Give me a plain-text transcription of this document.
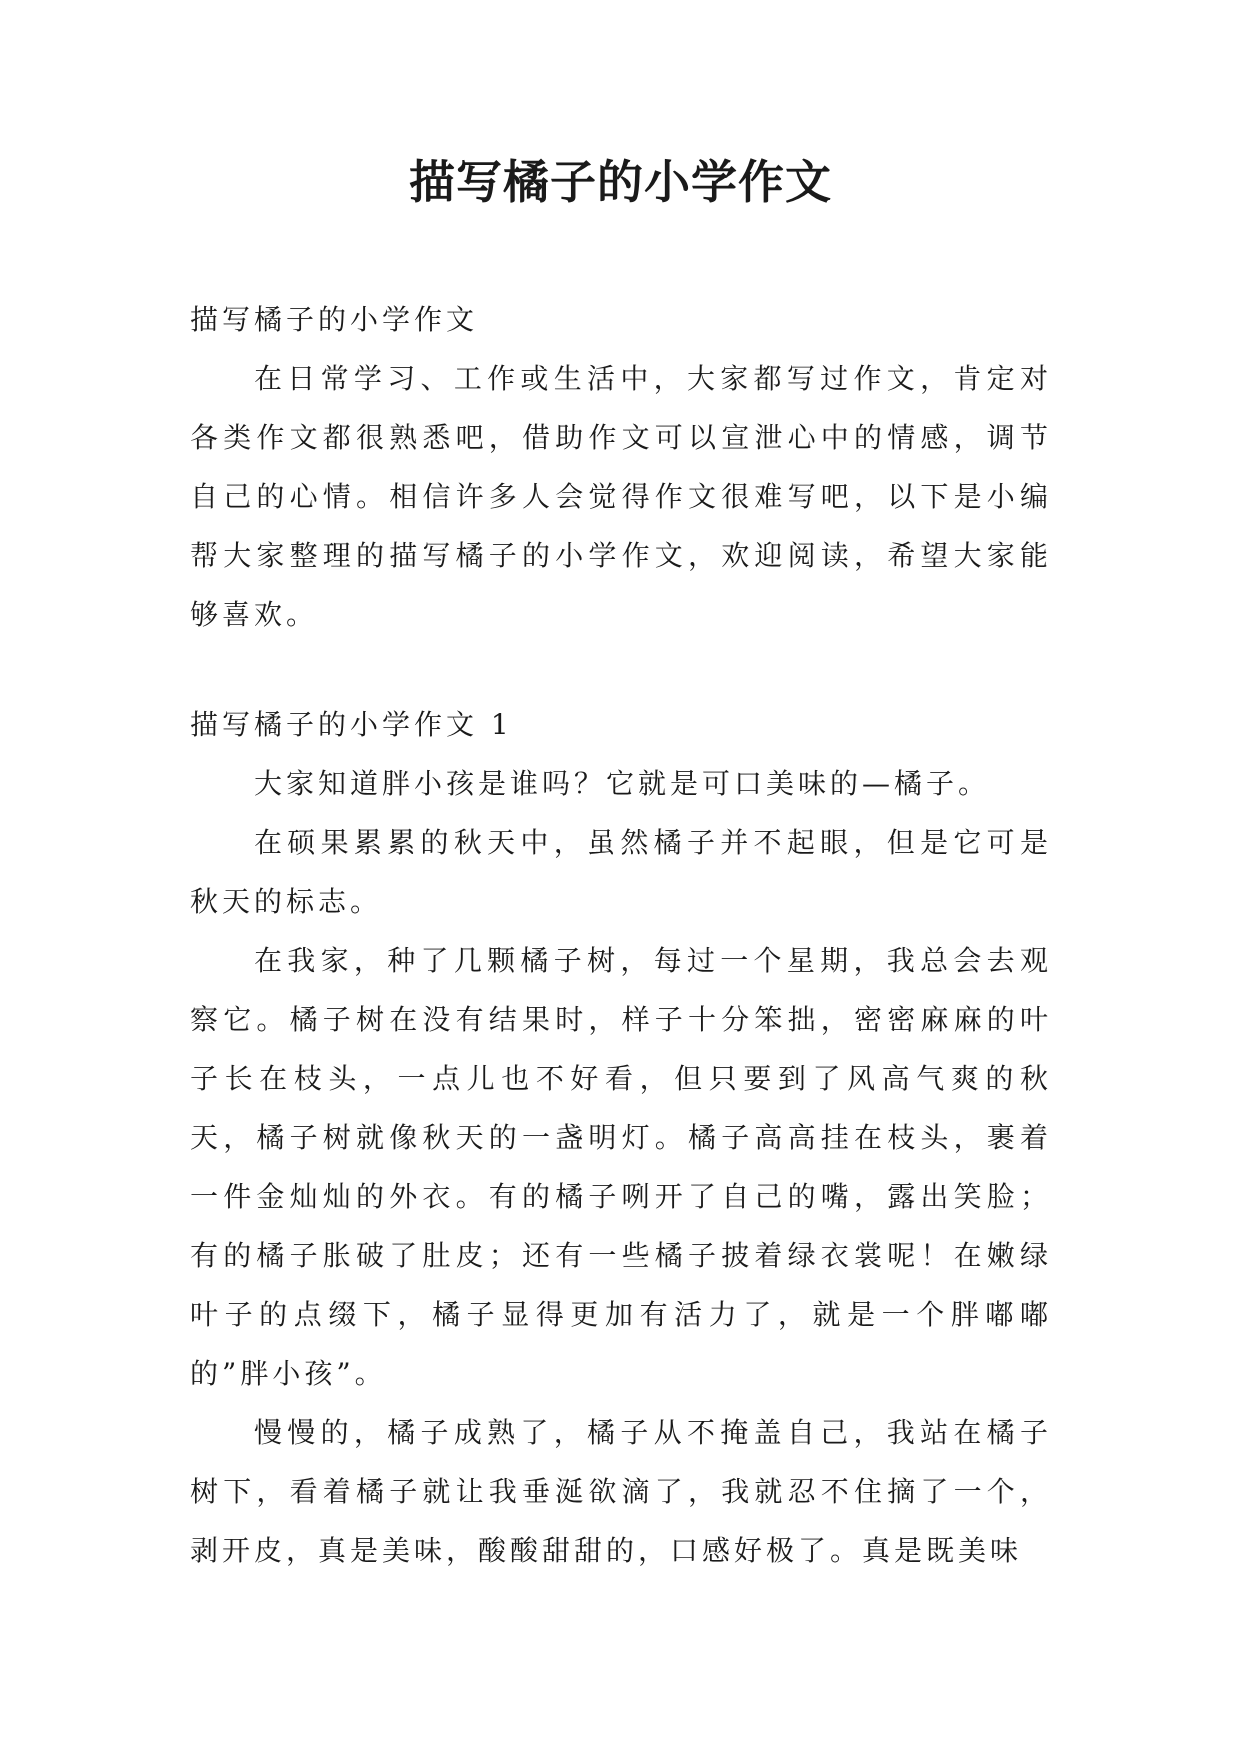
描写橘子的小学作文

描写橘子的小学作文

在日常学习、工作或生活中，大家都写过作文，肯定对各类作文都很熟悉吧，借助作文可以宣泄心中的情感，调节自己的心情。相信许多人会觉得作文很难写吧，以下是小编帮大家整理的描写橘子的小学作文，欢迎阅读，希望大家能够喜欢。

描写橘子的小学作文 1

大家知道胖小孩是谁吗？它就是可口美味的—橘子。

在硕果累累的秋天中，虽然橘子并不起眼，但是它可是秋天的标志。

在我家，种了几颗橘子树，每过一个星期，我总会去观察它。橘子树在没有结果时，样子十分笨拙，密密麻麻的叶子长在枝头，一点儿也不好看，但只要到了风高气爽的秋天，橘子树就像秋天的一盏明灯。橘子高高挂在枝头，裹着一件金灿灿的外衣。有的橘子咧开了自己的嘴，露出笑脸；有的橘子胀破了肚皮；还有一些橘子披着绿衣裳呢！在嫩绿叶子的点缀下，橘子显得更加有活力了，就是一个胖嘟嘟的”胖小孩”。

慢慢的，橘子成熟了，橘子从不掩盖自己，我站在橘子树下，看着橘子就让我垂涎欲滴了，我就忍不住摘了一个，剥开皮，真是美味，酸酸甜甜的，口感好极了。真是既美味
